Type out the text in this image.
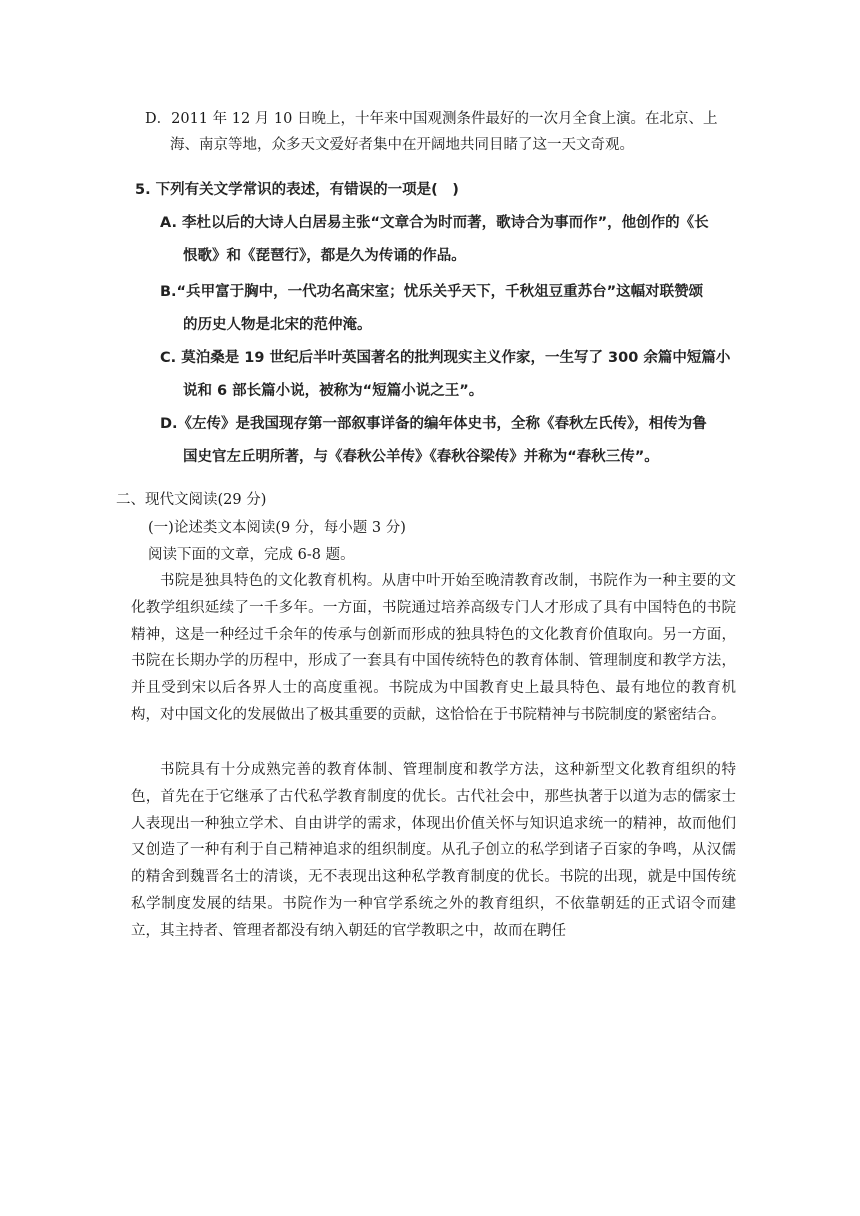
D．2011 年 12 月 10 日晚上，十年来中国观测条件最好的一次月全食上演。在北京、上
海、南京等地，众多天文爱好者集中在开阔地共同目睹了这一天文奇观。
5. 下列有关文学常识的表述，有错误的一项是(　)
A. 李杜以后的大诗人白居易主张“文章合为时而著，歌诗合为事而作”，他创作的《长
恨歌》和《琵琶行》，都是久为传诵的作品。
B.“兵甲富于胸中，一代功名高宋室；忧乐关乎天下，千秋俎豆重苏台”这幅对联赞颂
的历史人物是北宋的范仲淹。
C. 莫泊桑是 19 世纪后半叶英国著名的批判现实主义作家，一生写了 300 余篇中短篇小
说和 6 部长篇小说，被称为“短篇小说之王”。
D.《左传》是我国现存第一部叙事详备的编年体史书，全称《春秋左氏传》，相传为鲁
国史官左丘明所著，与《春秋公羊传》《春秋谷梁传》并称为“春秋三传”。
二、现代文阅读(29 分)
(一)论述类文本阅读(9 分，每小题 3 分)
阅读下面的文章，完成 6-8 题。

书院是独具特色的文化教育机构。从唐中叶开始至晚清教育改制，书院作为一种主要的文化教学组织延续了一千多年。一方面，书院通过培养高级专门人才形成了具有中国特色的书院精神，这是一种经过千余年的传承与创新而形成的独具特色的文化教育价值取向。另一方面，书院在长期办学的历程中，形成了一套具有中国传统特色的教育体制、管理制度和教学方法，并且受到宋以后各界人士的高度重视。书院成为中国教育史上最具特色、最有地位的教育机构，对中国文化的发展做出了极其重要的贡献，这恰恰在于书院精神与书院制度的紧密结合。

书院具有十分成熟完善的教育体制、管理制度和教学方法，这种新型文化教育组织的特色，首先在于它继承了古代私学教育制度的优长。古代社会中，那些执著于以道为志的儒家士人表现出一种独立学术、自由讲学的需求，体现出价值关怀与知识追求统一的精神，故而他们又创造了一种有利于自己精神追求的组织制度。从孔子创立的私学到诸子百家的争鸣，从汉儒的精舍到魏晋名士的清谈，无不表现出这种私学教育制度的优长。书院的出现，就是中国传统私学制度发展的结果。书院作为一种官学系统之外的教育组织，不依靠朝廷的正式诏令而建立，其主持者、管理者都没有纳入朝廷的官学教职之中，故而在聘任
